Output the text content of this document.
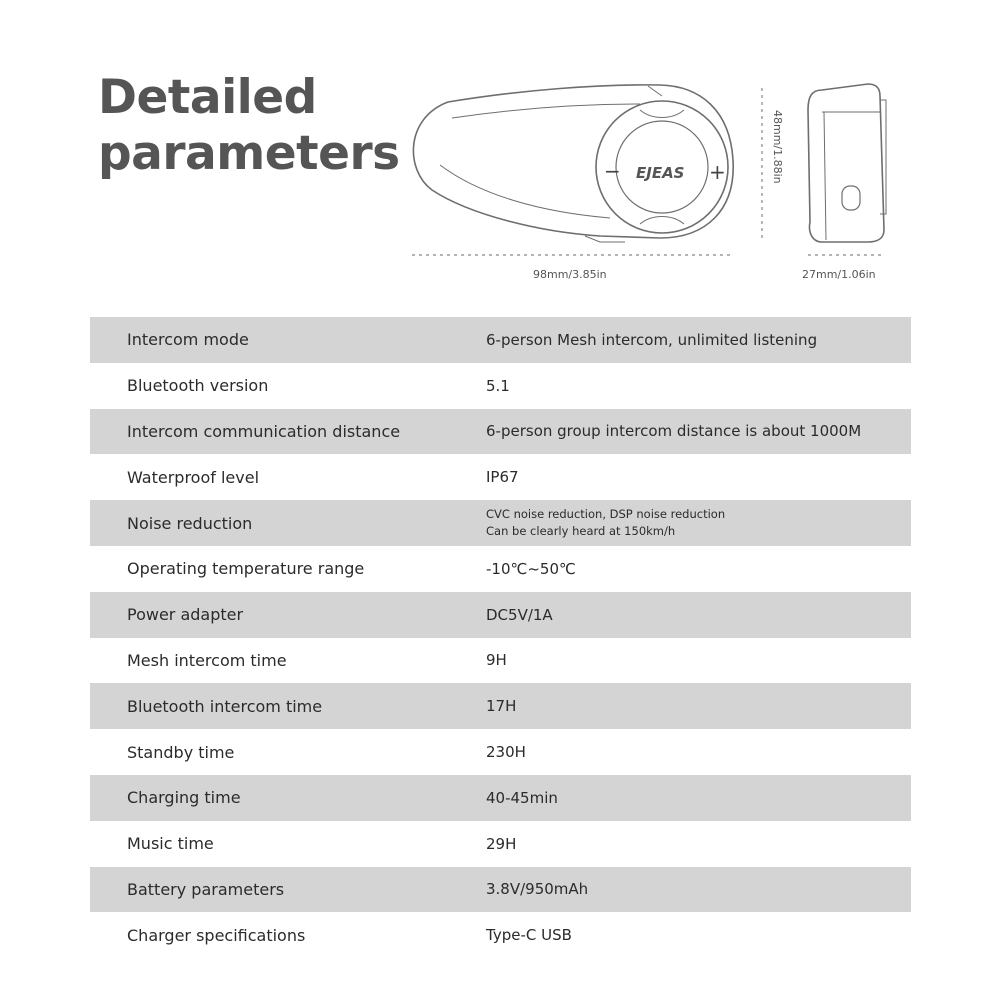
Detailed
parameters	−	+
EJEAS
98mm/3.85in
48mm/1.88in
27mm/1.06in
Intercom mode	6-person Mesh intercom, unlimited listening
Bluetooth version	5.1
Intercom communication distance	6-person group intercom distance is about 1000M
Waterproof level	IP67
Noise reduction	CVC noise reduction, DSP noise reduction
Can be clearly heard at 150km/h
Operating temperature range	-10℃~50℃
Power adapter	DC5V/1A
Mesh intercom time	9H
Bluetooth intercom time	17H
Standby time	230H
Charging time	40-45min
Music time	29H
Battery parameters	3.8V/950mAh
Charger specifications	Type-C USB
